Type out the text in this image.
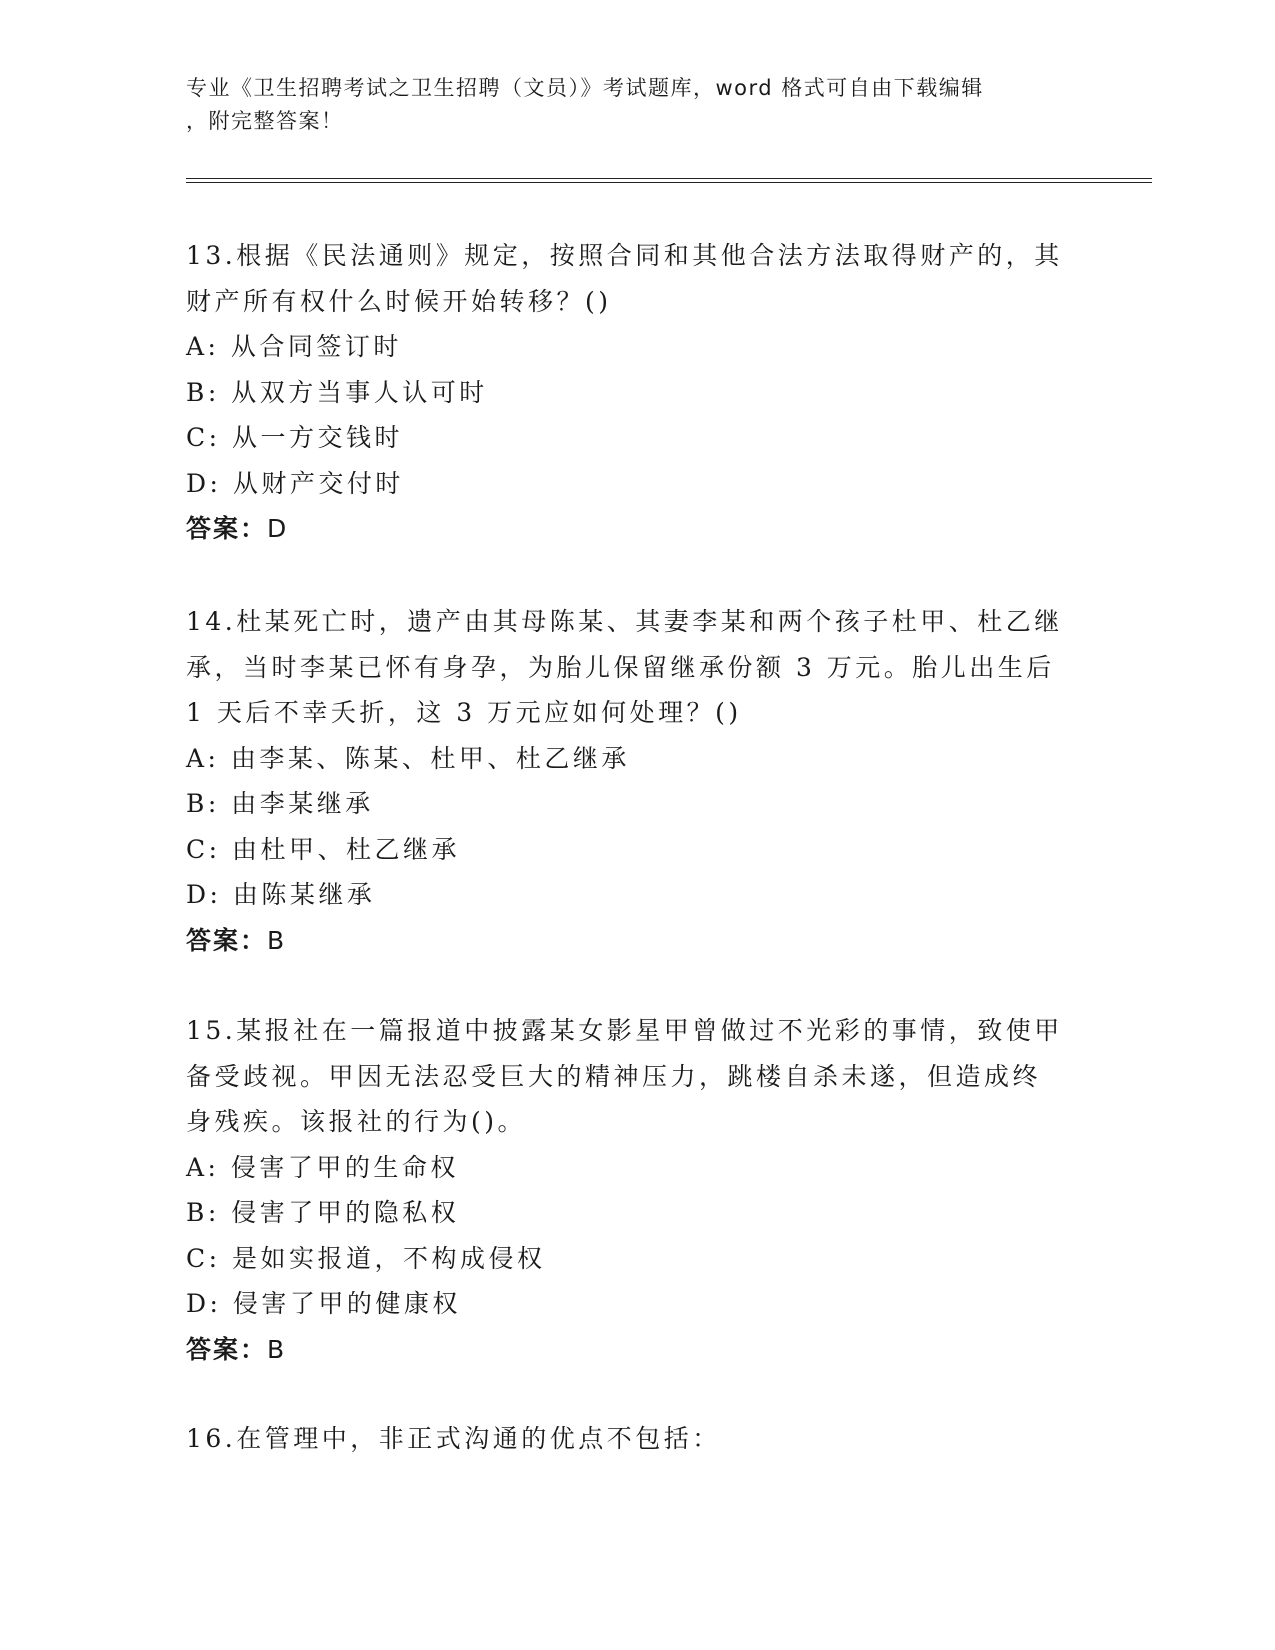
专业《卫生招聘考试之卫生招聘（文员）》考试题库，word 格式可自由下载编辑
，附完整答案！
13.根据《民法通则》规定，按照合同和其他合法方法取得财产的，其
财产所有权什么时候开始转移？()
A: 从合同签订时
B: 从双方当事人认可时
C: 从一方交钱时
D: 从财产交付时
答案：D
14.杜某死亡时，遗产由其母陈某、其妻李某和两个孩子杜甲、杜乙继
承，当时李某已怀有身孕，为胎儿保留继承份额 3 万元。胎儿出生后
1 天后不幸夭折，这 3 万元应如何处理？()
A: 由李某、陈某、杜甲、杜乙继承
B: 由李某继承
C: 由杜甲、杜乙继承
D: 由陈某继承
答案：B
15.某报社在一篇报道中披露某女影星甲曾做过不光彩的事情，致使甲
备受歧视。甲因无法忍受巨大的精神压力，跳楼自杀未遂，但造成终
身残疾。该报社的行为()。
A: 侵害了甲的生命权
B: 侵害了甲的隐私权
C: 是如实报道，不构成侵权
D: 侵害了甲的健康权
答案：B
16.在管理中，非正式沟通的优点不包括：
